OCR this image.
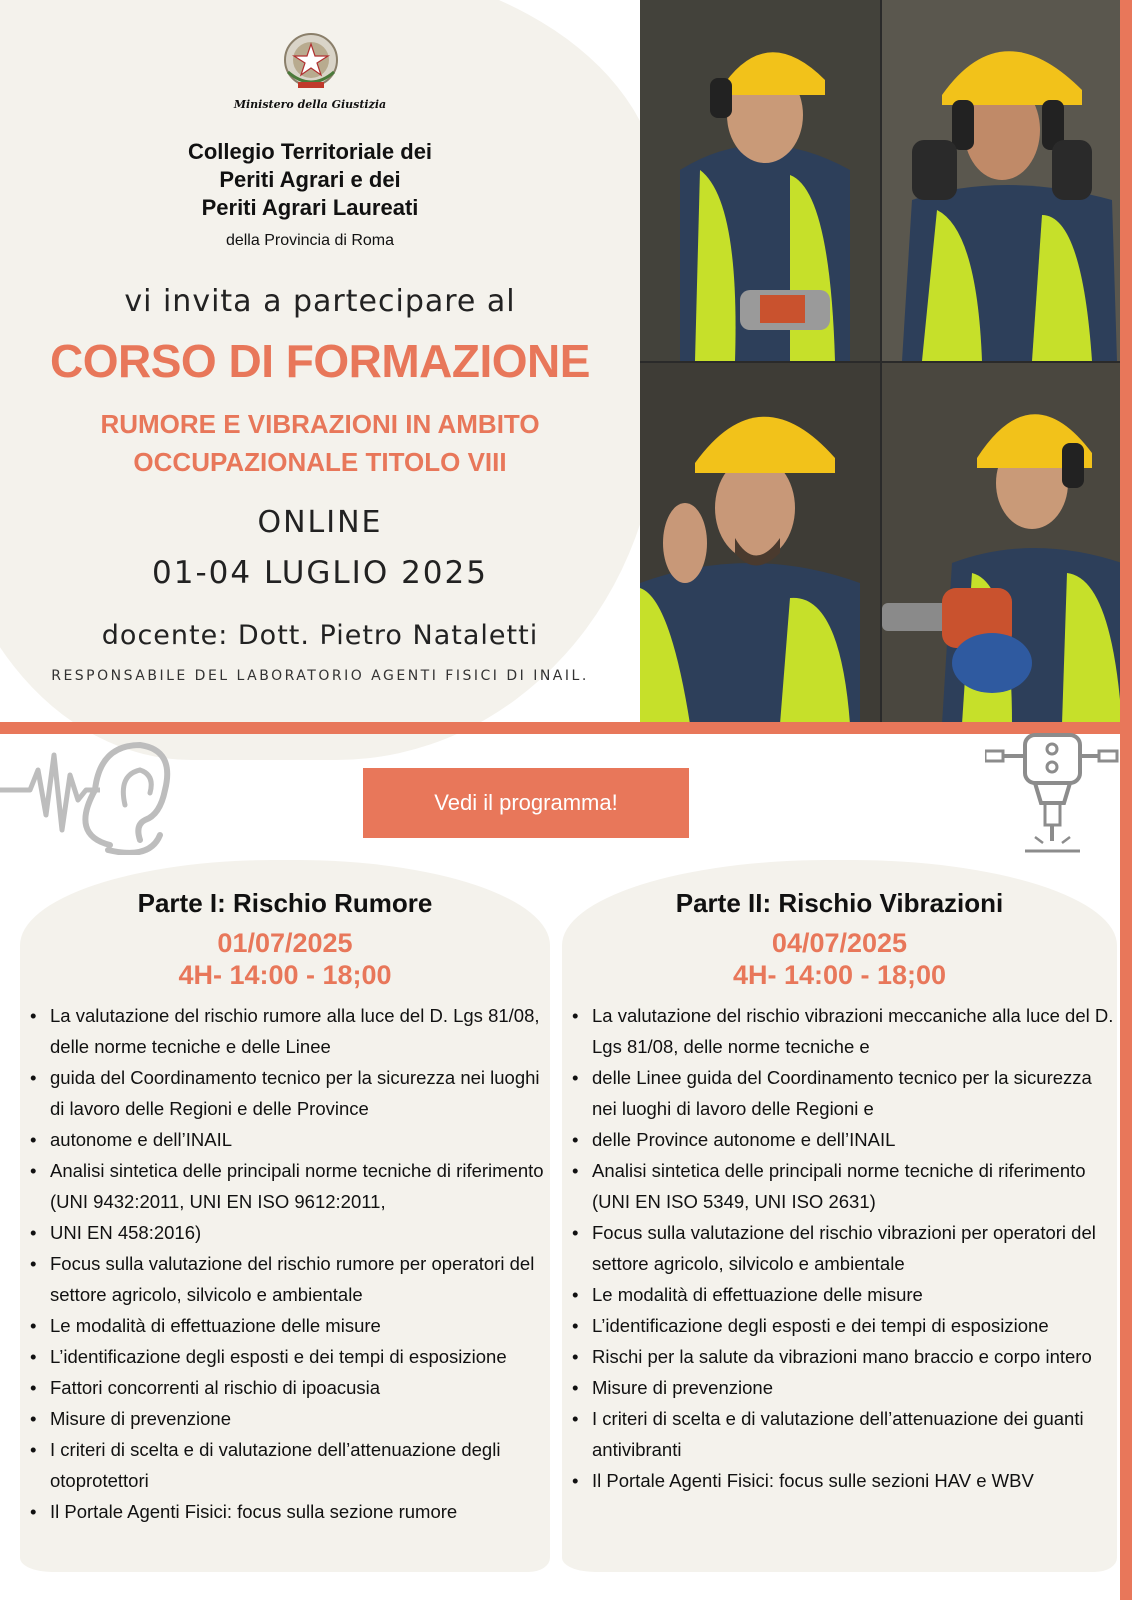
Ministero della Giustizia
Collegio Territoriale dei
Periti Agrari e dei
Periti Agrari Laureati
della Provincia di Roma
vi invita a partecipare al
CORSO DI FORMAZIONE
RUMORE E VIBRAZIONI IN AMBITO
OCCUPAZIONALE TITOLO VIII
ONLINE
01-04 LUGLIO 2025
docente: Dott. Pietro Nataletti
RESPONSABILE DEL LABORATORIO AGENTI FISICI DI INAIL.
Vedi il programma!
Parte I: Rischio Rumore
01/07/2025
4H- 14:00 - 18;00
• La valutazione del rischio rumore alla luce del D. Lgs 81/08, delle norme tecniche e delle Linee
• guida del Coordinamento tecnico per la sicurezza nei luoghi di lavoro delle Regioni e delle Province
• autonome e dell’INAIL
• Analisi sintetica delle principali norme tecniche di riferimento (UNI 9432:2011, UNI EN ISO 9612:2011,
• UNI EN 458:2016)
• Focus sulla valutazione del rischio rumore per operatori del settore agricolo, silvicolo e ambientale
• Le modalità di effettuazione delle misure
• L’identificazione degli esposti e dei tempi di esposizione
• Fattori concorrenti al rischio di ipoacusia
• Misure di prevenzione
• I criteri di scelta e di valutazione dell’attenuazione degli otoprotettori
• Il Portale Agenti Fisici: focus sulla sezione rumore
Parte II: Rischio Vibrazioni
04/07/2025
4H- 14:00 - 18;00
• La valutazione del rischio vibrazioni meccaniche alla luce del D. Lgs 81/08, delle norme tecniche e
• delle Linee guida del Coordinamento tecnico per la sicurezza nei luoghi di lavoro delle Regioni e
• delle Province autonome e dell’INAIL
• Analisi sintetica delle principali norme tecniche di riferimento (UNI EN ISO 5349, UNI ISO 2631)
• Focus sulla valutazione del rischio vibrazioni per operatori del settore agricolo, silvicolo e ambientale
• Le modalità di effettuazione delle misure
• L’identificazione degli esposti e dei tempi di esposizione
• Rischi per la salute da vibrazioni mano braccio e corpo intero
• Misure di prevenzione
• I criteri di scelta e di valutazione dell’attenuazione dei guanti antivibranti
• Il Portale Agenti Fisici: focus sulle sezioni HAV e WBV
